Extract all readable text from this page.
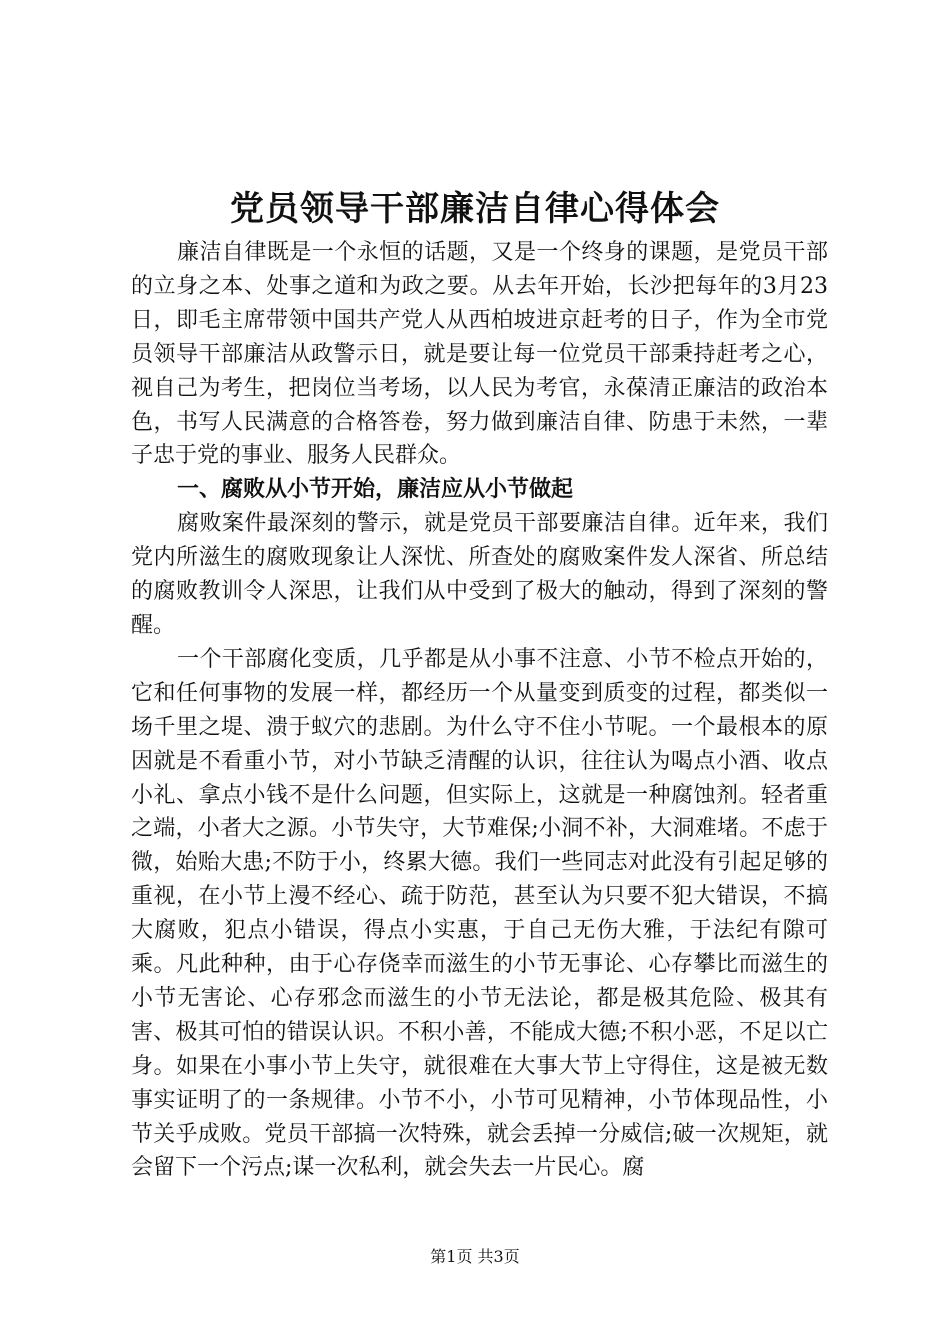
党员领导干部廉洁自律心得体会

廉洁自律既是一个永恒的话题，又是一个终身的课题，是党员干部的立身之本、处事之道和为政之要。从去年开始，长沙把每年的3月23日，即毛主席带领中国共产党人从西柏坡进京赶考的日子，作为全市党员领导干部廉洁从政警示日，就是要让每一位党员干部秉持赶考之心，视自己为考生，把岗位当考场，以人民为考官，永葆清正廉洁的政治本色，书写人民满意的合格答卷，努力做到廉洁自律、防患于未然，一辈子忠于党的事业、服务人民群众。

一、腐败从小节开始，廉洁应从小节做起

腐败案件最深刻的警示，就是党员干部要廉洁自律。近年来，我们党内所滋生的腐败现象让人深忧、所查处的腐败案件发人深省、所总结的腐败教训令人深思，让我们从中受到了极大的触动，得到了深刻的警醒。

一个干部腐化变质，几乎都是从小事不注意、小节不检点开始的，它和任何事物的发展一样，都经历一个从量变到质变的过程，都类似一场千里之堤、溃于蚁穴的悲剧。为什么守不住小节呢。一个最根本的原因就是不看重小节，对小节缺乏清醒的认识，往往认为喝点小酒、收点小礼、拿点小钱不是什么问题，但实际上，这就是一种腐蚀剂。轻者重之端，小者大之源。小节失守，大节难保;小洞不补，大洞难堵。不虑于微，始贻大患;不防于小，终累大德。我们一些同志对此没有引起足够的重视，在小节上漫不经心、疏于防范，甚至认为只要不犯大错误，不搞大腐败，犯点小错误，得点小实惠，于自己无伤大雅，于法纪有隙可乘。凡此种种，由于心存侥幸而滋生的小节无事论、心存攀比而滋生的小节无害论、心存邪念而滋生的小节无法论，都是极其危险、极其有害、极其可怕的错误认识。不积小善，不能成大德;不积小恶，不足以亡身。如果在小事小节上失守，就很难在大事大节上守得住，这是被无数事实证明了的一条规律。小节不小，小节可见精神，小节体现品性，小节关乎成败。党员干部搞一次特殊，就会丢掉一分威信;破一次规矩，就会留下一个污点;谋一次私利，就会失去一片民心。腐

第1页 共3页
